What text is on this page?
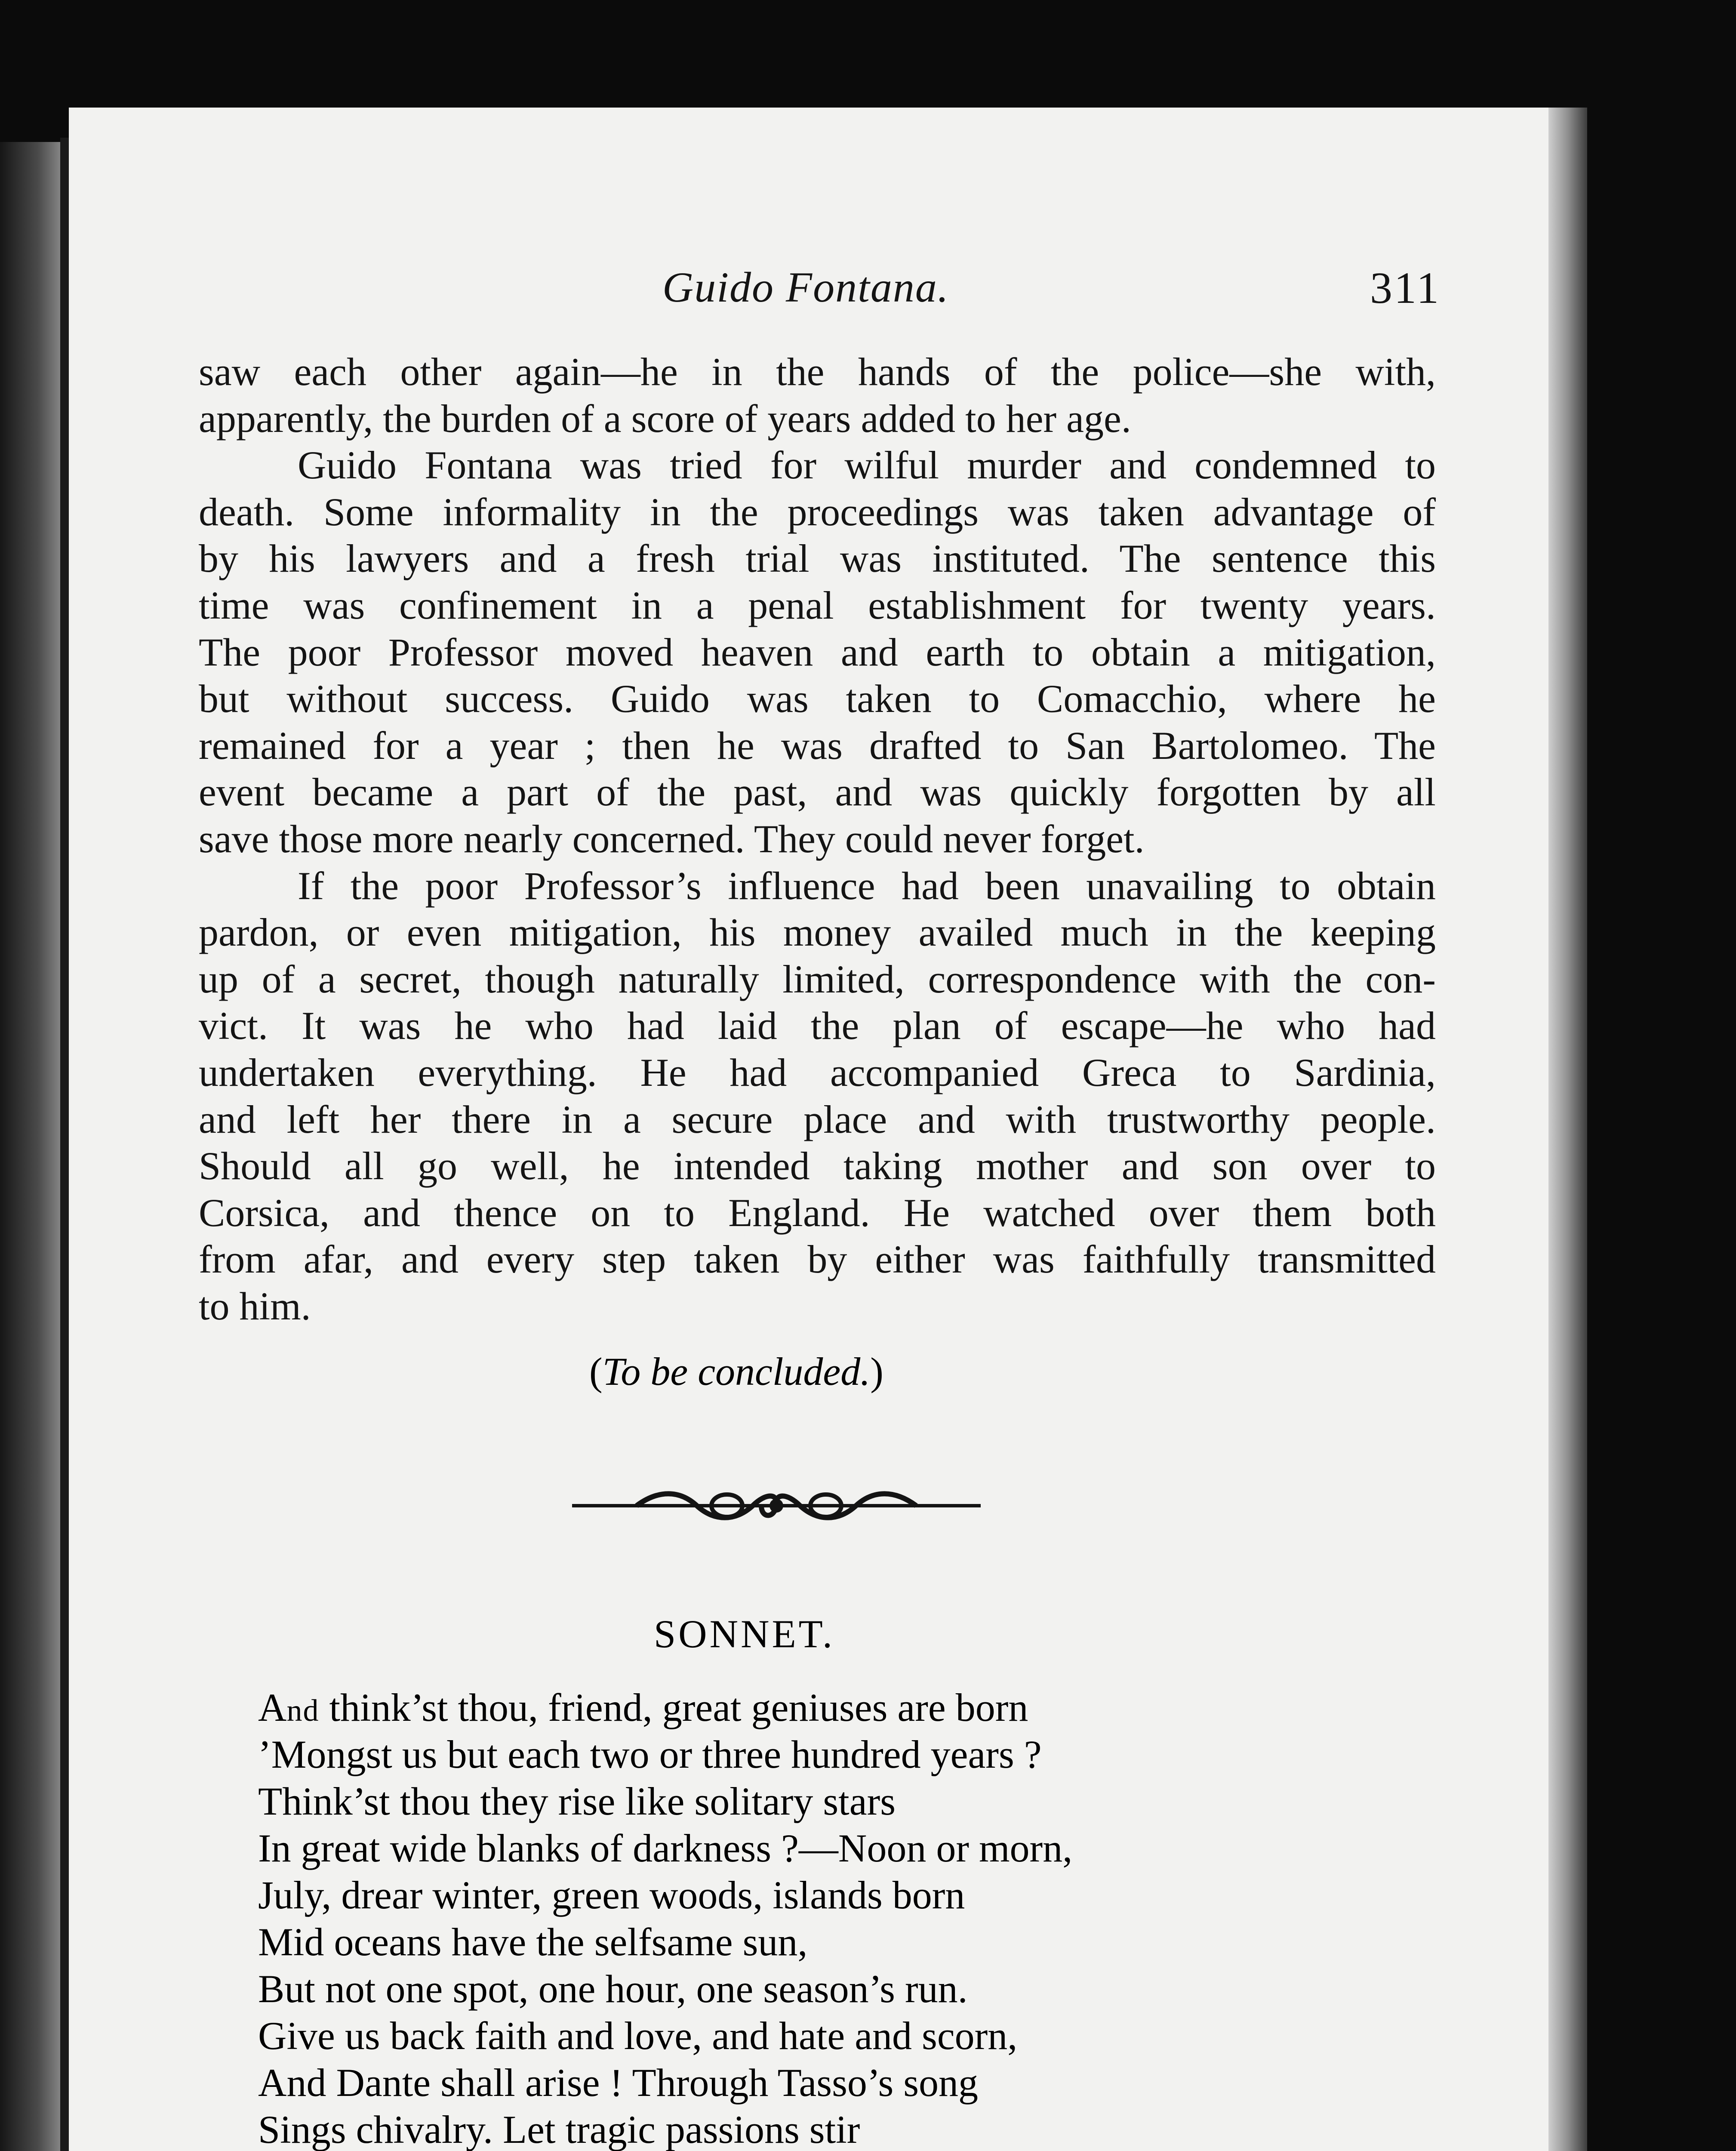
Guido Fontana.	311
saw each other again—he in the hands of the police—she with,
apparently, the burden of a score of years added to her age.
Guido Fontana was tried for wilful murder and condemned to
death. Some informality in the proceedings was taken advantage of
by his lawyers and a fresh trial was instituted. The sentence this
time was confinement in a penal establishment for twenty years.
The poor Professor moved heaven and earth to obtain a mitigation,
but without success. Guido was taken to Comacchio, where he
remained for a year ; then he was drafted to San Bartolomeo. The
event became a part of the past, and was quickly forgotten by all
save those more nearly concerned. They could never forget.
If the poor Professor’s influence had been unavailing to obtain
pardon, or even mitigation, his money availed much in the keeping
up of a secret, though naturally limited, correspondence with the con-
vict. It was he who had laid the plan of escape—he who had
undertaken everything. He had accompanied Greca to Sardinia,
and left her there in a secure place and with trustworthy people.
Should all go well, he intended taking mother and son over to
Corsica, and thence on to England. He watched over them both
from afar, and every step taken by either was faithfully transmitted
to him.
(To be concluded.)
SONNET.
And think’st thou, friend, great geniuses are born
’Mongst us but each two or three hundred years ?
Think’st thou they rise like solitary stars
In great wide blanks of darkness ?—Noon or morn,
July, drear winter, green woods, islands born
Mid oceans have the selfsame sun,
But not one spot, one hour, one season’s run.
Give us back faith and love, and hate and scorn,
And Dante shall arise ! Through Tasso’s song
Sings chivalry. Let tragic passions stir
